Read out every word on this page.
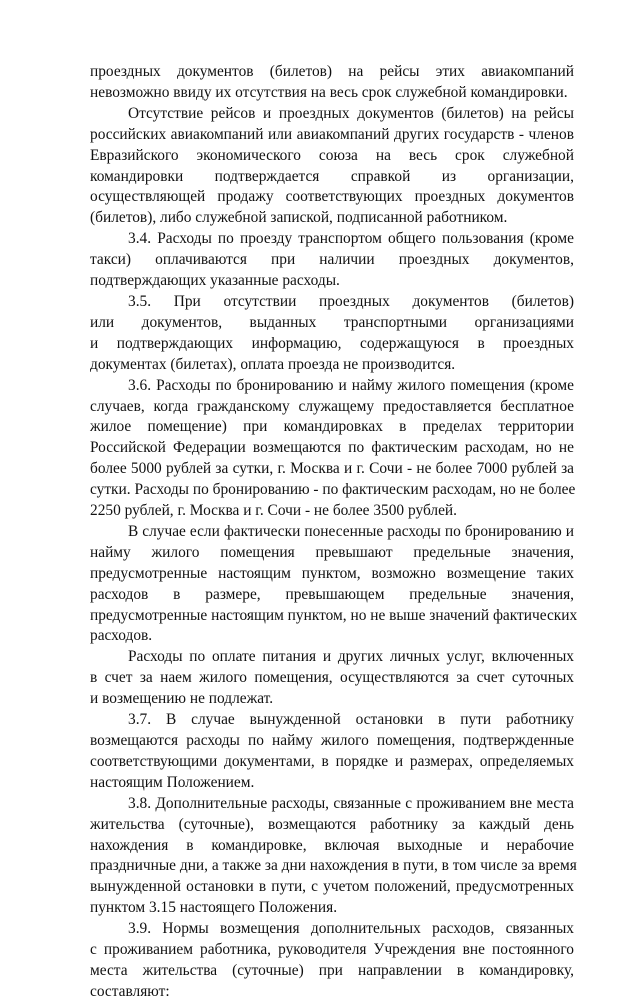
проездных документов (билетов) на рейсы этих авиакомпаний
невозможно ввиду их отсутствия на весь срок служебной командировки.
Отсутствие рейсов и проездных документов (билетов) на рейсы
российских авиакомпаний или авиакомпаний других государств - членов
Евразийского экономического союза на весь срок служебной
командировки подтверждается справкой из организации,
осуществляющей продажу соответствующих проездных документов
(билетов), либо служебной запиской, подписанной работником.
3.4. Расходы по проезду транспортом общего пользования (кроме
такси) оплачиваются при наличии проездных документов,
подтверждающих указанные расходы.
3.5. При отсутствии проездных документов (билетов)
или документов, выданных транспортными организациями
и подтверждающих информацию, содержащуюся в проездных
документах (билетах), оплата проезда не производится.
3.6. Расходы по бронированию и найму жилого помещения (кроме
случаев, когда гражданскому служащему предоставляется бесплатное
жилое помещение) при командировках в пределах территории
Российской Федерации возмещаются по фактическим расходам, но не
более 5000 рублей за сутки, г. Москва и г. Сочи - не более 7000 рублей за
сутки. Расходы по бронированию - по фактическим расходам, но не более
2250 рублей, г. Москва и г. Сочи - не более 3500 рублей.
В случае если фактически понесенные расходы по бронированию и
найму жилого помещения превышают предельные значения,
предусмотренные настоящим пунктом, возможно возмещение таких
расходов в размере, превышающем предельные значения,
предусмотренные настоящим пунктом, но не выше значений фактических
расходов.
Расходы по оплате питания и других личных услуг, включенных
в счет за наем жилого помещения, осуществляются за счет суточных
и возмещению не подлежат.
3.7. В случае вынужденной остановки в пути работнику
возмещаются расходы по найму жилого помещения, подтвержденные
соответствующими документами, в порядке и размерах, определяемых
настоящим Положением.
3.8. Дополнительные расходы, связанные с проживанием вне места
жительства (суточные), возмещаются работнику за каждый день
нахождения в командировке, включая выходные и нерабочие
праздничные дни, а также за дни нахождения в пути, в том числе за время
вынужденной остановки в пути, с учетом положений, предусмотренных
пунктом 3.15 настоящего Положения.
3.9. Нормы возмещения дополнительных расходов, связанных
с проживанием работника, руководителя Учреждения вне постоянного
места жительства (суточные) при направлении в командировку,
составляют:
